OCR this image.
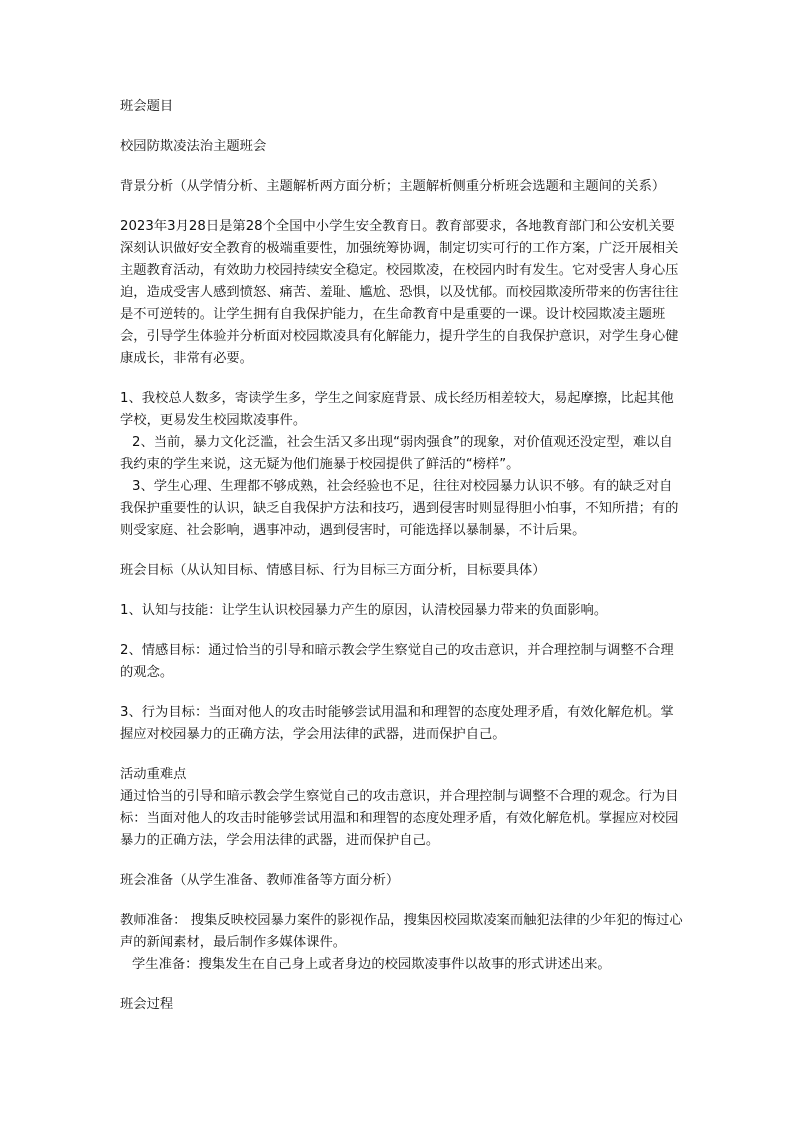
班会题目

校园防欺凌法治主题班会

背景分析（从学情分析、主题解析两方面分析；主题解析侧重分析班会选题和主题间的关系）

2023年3月28日是第28个全国中小学生安全教育日。教育部要求，各地教育部门和公安机关要深刻认识做好安全教育的极端重要性，加强统筹协调，制定切实可行的工作方案，广泛开展相关主题教育活动，有效助力校园持续安全稳定。校园欺凌，在校园内时有发生。它对受害人身心压迫，造成受害人感到愤怒、痛苦、羞耻、尴尬、恐惧，以及忧郁。而校园欺凌所带来的伤害往往是不可逆转的。让学生拥有自我保护能力，在生命教育中是重要的一课。设计校园欺凌主题班会，引导学生体验并分析面对校园欺凌具有化解能力，提升学生的自我保护意识，对学生身心健康成长，非常有必要。

1、我校总人数多，寄读学生多，学生之间家庭背景、成长经历相差较大，易起摩擦，比起其他学校，更易发生校园欺凌事件。

2、当前，暴力文化泛滥，社会生活又多出现“弱肉强食”的现象，对价值观还没定型，难以自我约束的学生来说，这无疑为他们施暴于校园提供了鲜活的“榜样”。

3、学生心理、生理都不够成熟，社会经验也不足，往往对校园暴力认识不够。有的缺乏对自我保护重要性的认识，缺乏自我保护方法和技巧，遇到侵害时则显得胆小怕事，不知所措；有的则受家庭、社会影响，遇事冲动，遇到侵害时，可能选择以暴制暴，不计后果。

班会目标（从认知目标、情感目标、行为目标三方面分析，目标要具体）

1、认知与技能：让学生认识校园暴力产生的原因，认清校园暴力带来的负面影响。

2、情感目标：通过恰当的引导和暗示教会学生察觉自己的攻击意识，并合理控制与调整不合理的观念。

3、行为目标：当面对他人的攻击时能够尝试用温和和理智的态度处理矛盾，有效化解危机。掌握应对校园暴力的正确方法，学会用法律的武器，进而保护自己。

活动重难点

通过恰当的引导和暗示教会学生察觉自己的攻击意识，并合理控制与调整不合理的观念。行为目标：当面对他人的攻击时能够尝试用温和和理智的态度处理矛盾，有效化解危机。掌握应对校园暴力的正确方法，学会用法律的武器，进而保护自己。

班会准备（从学生准备、教师准备等方面分析）

教师准备： 搜集反映校园暴力案件的影视作品，搜集因校园欺凌案而触犯法律的少年犯的悔过心声的新闻素材，最后制作多媒体课件。

学生准备：搜集发生在自己身上或者身边的校园欺凌事件以故事的形式讲述出来。

班会过程
